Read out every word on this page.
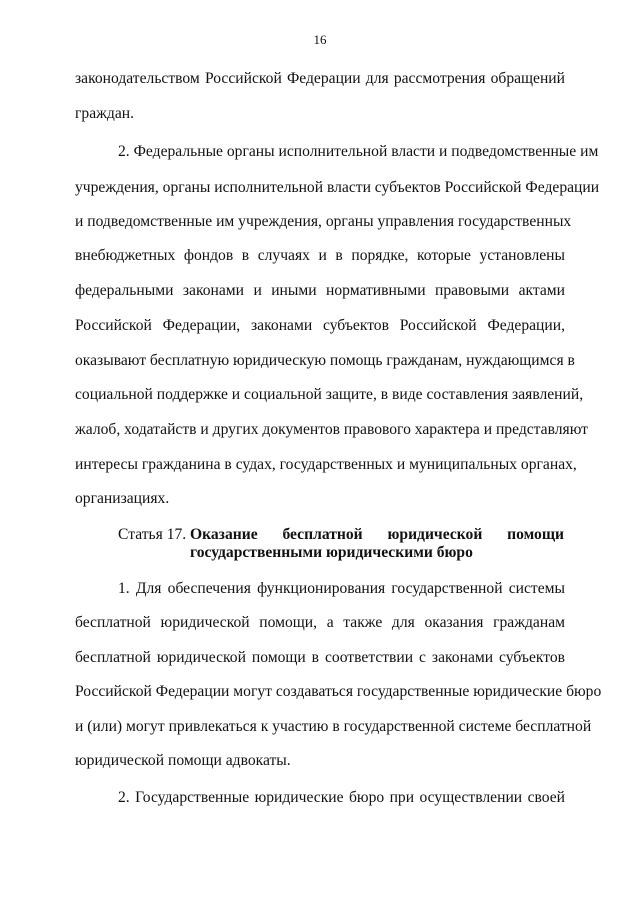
16
законодательством Российской Федерации для рассмотрения обращений
граждан.
2. Федеральные органы исполнительной власти и подведомственные им
учреждения, органы исполнительной власти субъектов Российской Федерации
и подведомственные им учреждения, органы управления государственных
внебюджетных фондов в случаях и в порядке, которые установлены
федеральными законами и иными нормативными правовыми актами
Российской Федерации, законами субъектов Российской Федерации,
оказывают бесплатную юридическую помощь гражданам, нуждающимся в
социальной поддержке и социальной защите, в виде составления заявлений,
жалоб, ходатайств и других документов правового характера и представляют
интересы гражданина в судах, государственных и муниципальных органах,
организациях.
Статья 17. Оказание бесплатной юридической помощи
государственными юридическими бюро
1. Для обеспечения функционирования государственной системы
бесплатной юридической помощи, а также для оказания гражданам
бесплатной юридической помощи в соответствии с законами субъектов
Российской Федерации могут создаваться государственные юридические бюро
и (или) могут привлекаться к участию в государственной системе бесплатной
юридической помощи адвокаты.
2. Государственные юридические бюро при осуществлении своей
